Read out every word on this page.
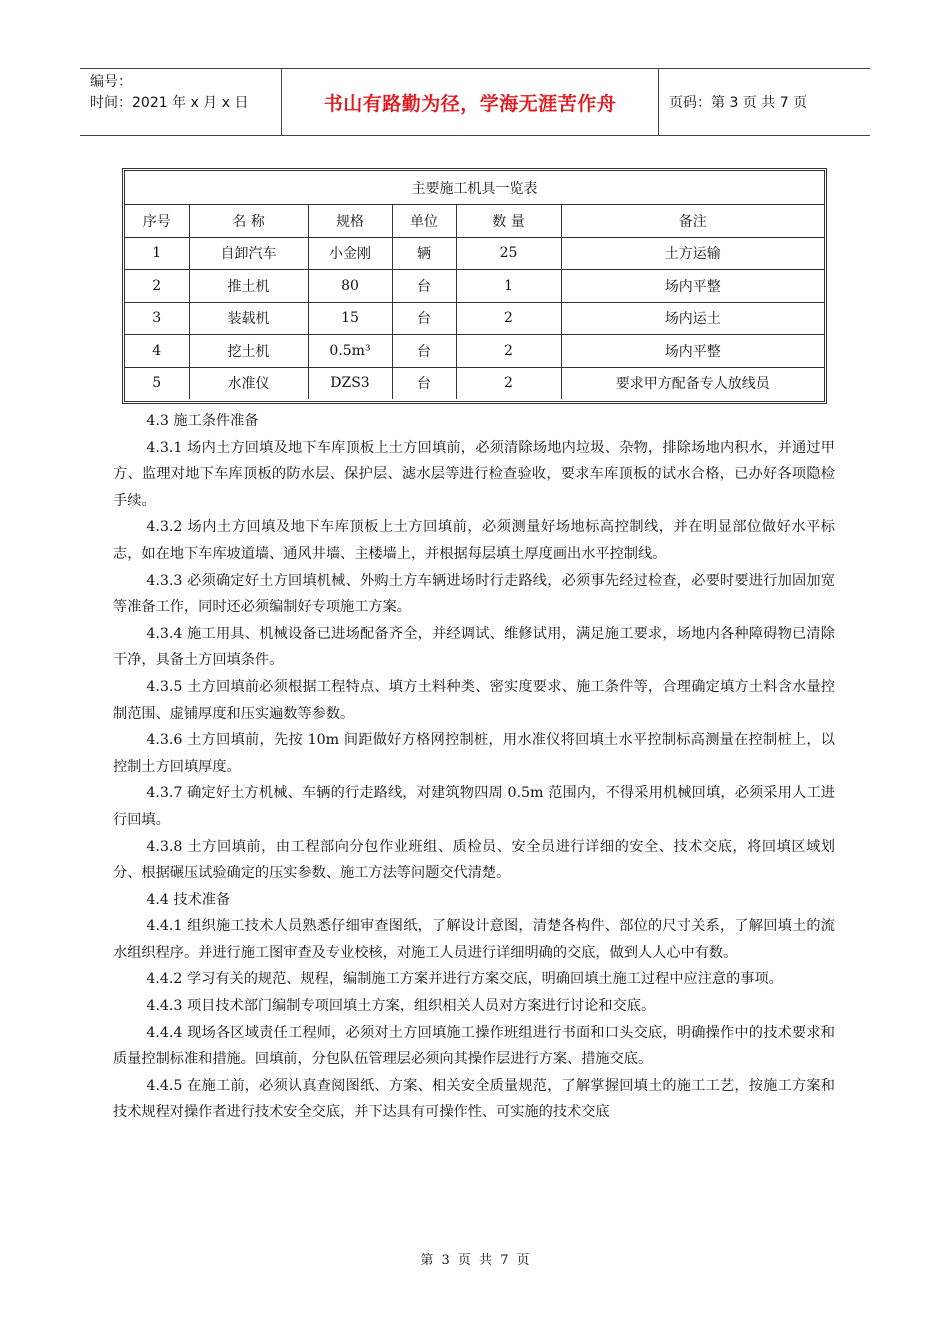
编号：
时间：2021 年 x 月 x 日	书山有路勤为径，学海无涯苦作舟	页码：第 3 页 共 7 页
主要施工机具一览表
序号	名 称	规格	单位	数 量	备注
1	自卸汽车	小金刚	辆	25	土方运输
2	推土机	80	台	1	场内平整
3	装载机	15	台	2	场内运土
4	挖土机	0.5m³	台	2	场内平整
5	水准仪	DZS3	台	2	要求甲方配备专人放线员

4.3 施工条件准备

4.3.1 场内土方回填及地下车库顶板上土方回填前，必须清除场地内垃圾、杂物，排除场地内积水，并通过甲方、监理对地下车库顶板的防水层、保护层、滤水层等进行检查验收，要求车库顶板的试水合格，已办好各项隐检手续。

4.3.2 场内土方回填及地下车库顶板上土方回填前，必须测量好场地标高控制线，并在明显部位做好水平标志，如在地下车库坡道墙、通风井墙、主楼墙上，并根据每层填土厚度画出水平控制线。

4.3.3 必须确定好土方回填机械、外购土方车辆进场时行走路线，必须事先经过检查，必要时要进行加固加宽等准备工作，同时还必须编制好专项施工方案。

4.3.4 施工用具、机械设备已进场配备齐全，并经调试、维修试用，满足施工要求，场地内各种障碍物已清除干净，具备土方回填条件。

4.3.5 土方回填前必须根据工程特点、填方土料种类、密实度要求、施工条件等，合理确定填方土料含水量控制范围、虚铺厚度和压实遍数等参数。

4.3.6 土方回填前，先按 10m 间距做好方格网控制桩，用水准仪将回填土水平控制标高测量在控制桩上，以控制土方回填厚度。

4.3.7 确定好土方机械、车辆的行走路线，对建筑物四周 0.5m 范围内，不得采用机械回填，必须采用人工进行回填。

4.3.8 土方回填前，由工程部向分包作业班组、质检员、安全员进行详细的安全、技术交底，将回填区域划分、根据碾压试验确定的压实参数、施工方法等问题交代清楚。

4.4 技术准备

4.4.1 组织施工技术人员熟悉仔细审查图纸，了解设计意图，清楚各构件、部位的尺寸关系，了解回填土的流水组织程序。并进行施工图审查及专业校核，对施工人员进行详细明确的交底，做到人人心中有数。

4.4.2 学习有关的规范、规程，编制施工方案并进行方案交底，明确回填土施工过程中应注意的事项。

4.4.3 项目技术部门编制专项回填土方案，组织相关人员对方案进行讨论和交底。

4.4.4 现场各区域责任工程师，必须对土方回填施工操作班组进行书面和口头交底，明确操作中的技术要求和质量控制标准和措施。回填前，分包队伍管理层必须向其操作层进行方案、措施交底。

4.4.5 在施工前，必须认真查阅图纸、方案、相关安全质量规范，了解掌握回填土的施工工艺，按施工方案和技术规程对操作者进行技术安全交底，并下达具有可操作性、可实施的技术交底

第 3 页 共 7 页
